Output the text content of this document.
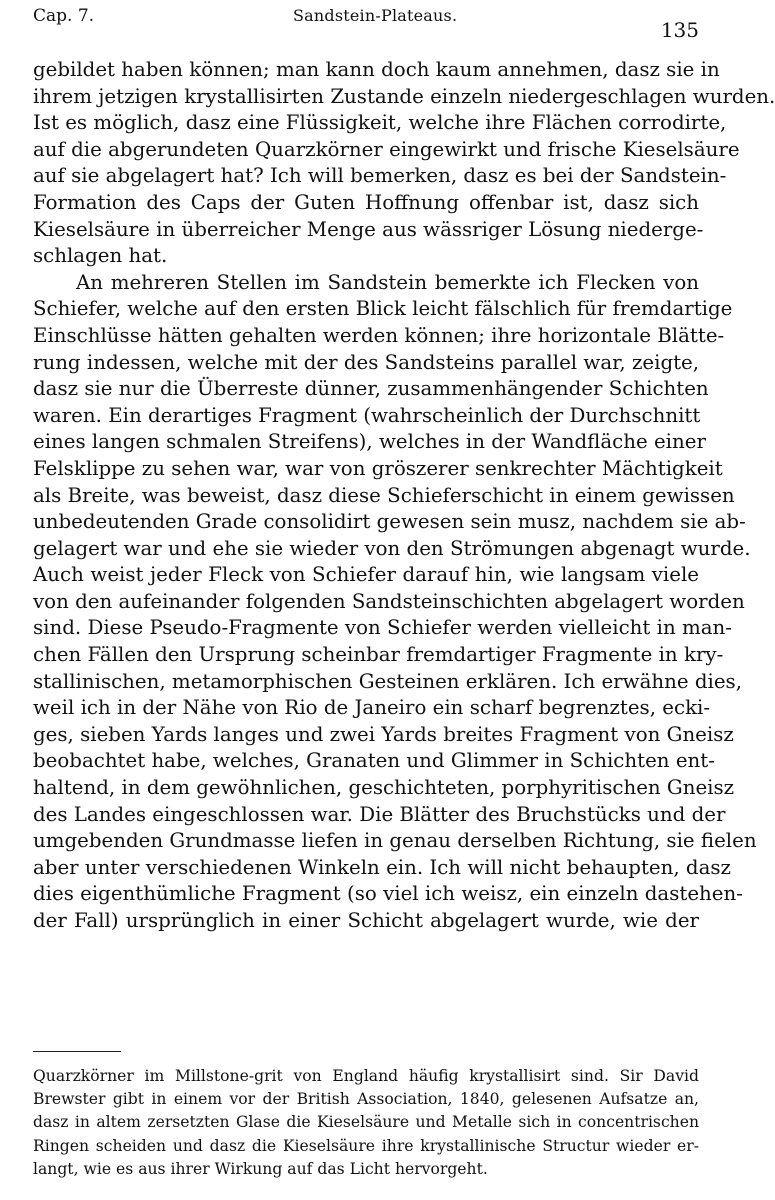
Cap. 7.	Sandstein-Plateaus.
135
gebildet haben können; man kann doch kaum annehmen, dasz sie in
ihrem jetzigen krystallisirten Zustande einzeln niedergeschlagen wurden.
Ist es möglich, dasz eine Flüssigkeit, welche ihre Flächen corrodirte,
auf die abgerundeten Quarzkörner eingewirkt und frische Kieselsäure
auf sie abgelagert hat? Ich will bemerken, dasz es bei der Sandstein-
Formation des Caps der Guten Hoffnung offenbar ist, dasz sich
Kieselsäure in überreicher Menge aus wässriger Lösung niederge-
schlagen hat.
An mehreren Stellen im Sandstein bemerkte ich Flecken von
Schiefer, welche auf den ersten Blick leicht fälschlich für fremdartige
Einschlüsse hätten gehalten werden können; ihre horizontale Blätte-
rung indessen, welche mit der des Sandsteins parallel war, zeigte,
dasz sie nur die Überreste dünner, zusammenhängender Schichten
waren. Ein derartiges Fragment (wahrscheinlich der Durchschnitt
eines langen schmalen Streifens), welches in der Wandfläche einer
Felsklippe zu sehen war, war von gröszerer senkrechter Mächtigkeit
als Breite, was beweist, dasz diese Schieferschicht in einem gewissen
unbedeutenden Grade consolidirt gewesen sein musz, nachdem sie ab-
gelagert war und ehe sie wieder von den Strömungen abgenagt wurde.
Auch weist jeder Fleck von Schiefer darauf hin, wie langsam viele
von den aufeinander folgenden Sandsteinschichten abgelagert worden
sind. Diese Pseudo-Fragmente von Schiefer werden vielleicht in man-
chen Fällen den Ursprung scheinbar fremdartiger Fragmente in kry-
stallinischen, metamorphischen Gesteinen erklären. Ich erwähne dies,
weil ich in der Nähe von Rio de Janeiro ein scharf begrenztes, ecki-
ges, sieben Yards langes und zwei Yards breites Fragment von Gneisz
beobachtet habe, welches, Granaten und Glimmer in Schichten ent-
haltend, in dem gewöhnlichen, geschichteten, porphyritischen Gneisz
des Landes eingeschlossen war. Die Blätter des Bruchstücks und der
umgebenden Grundmasse liefen in genau derselben Richtung, sie fielen
aber unter verschiedenen Winkeln ein. Ich will nicht behaupten, dasz
dies eigenthümliche Fragment (so viel ich weisz, ein einzeln dastehen-
der Fall) ursprünglich in einer Schicht abgelagert wurde, wie der
Quarzkörner im Millstone-grit von England häufig krystallisirt sind. Sir David
Brewster gibt in einem vor der British Association, 1840, gelesenen Aufsatze an,
dasz in altem zersetzten Glase die Kieselsäure und Metalle sich in concentrischen
Ringen scheiden und dasz die Kieselsäure ihre krystallinische Structur wieder er-
langt, wie es aus ihrer Wirkung auf das Licht hervorgeht.
